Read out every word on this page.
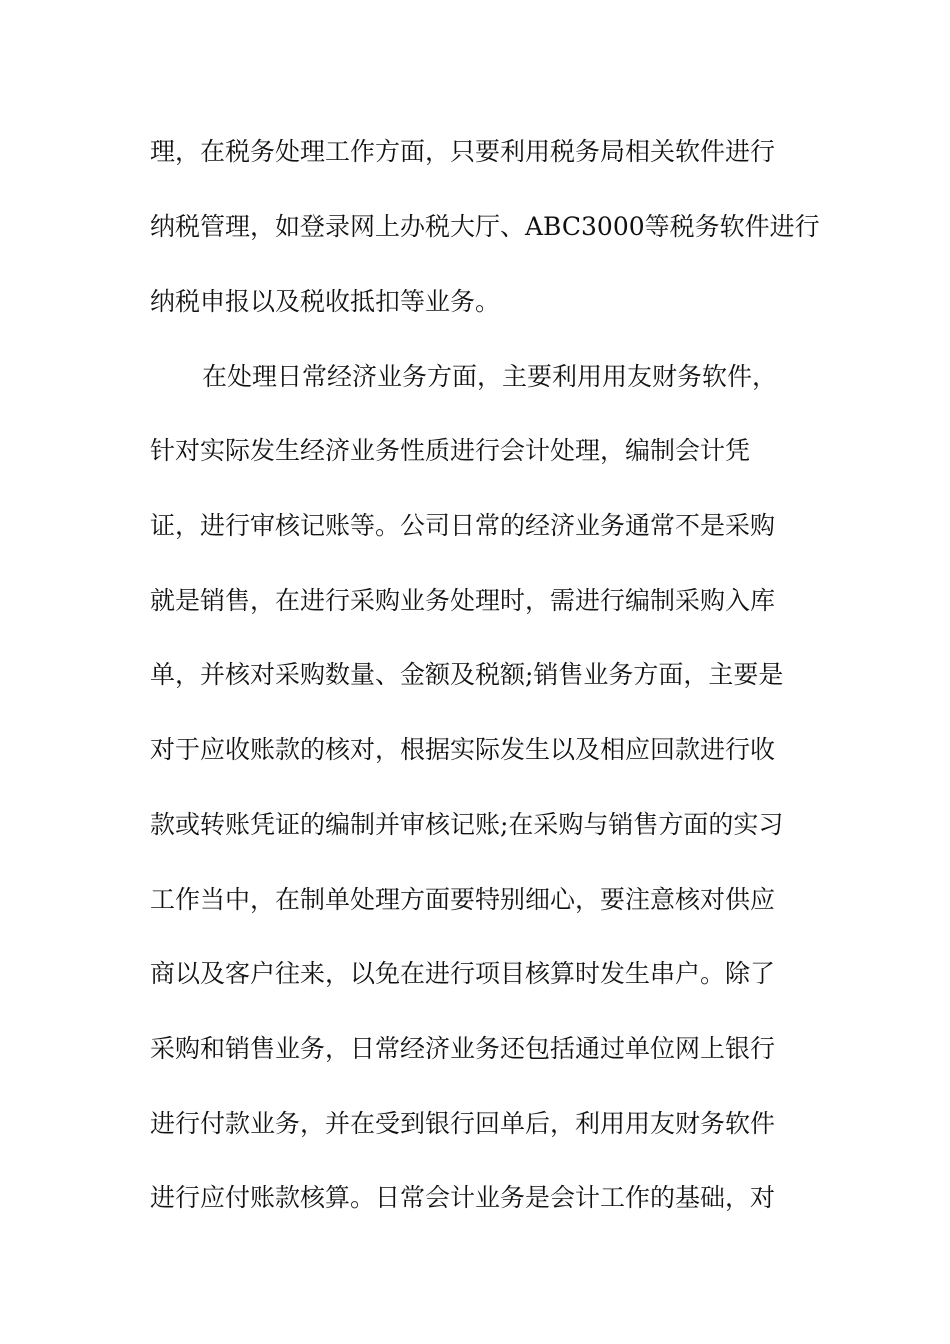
理，在税务处理工作方面，只要利用税务局相关软件进行
纳税管理，如登录网上办税大厅、ABC3000等税务软件进行
纳税申报以及税收抵扣等业务。
在处理日常经济业务方面，主要利用用友财务软件，
针对实际发生经济业务性质进行会计处理，编制会计凭
证，进行审核记账等。公司日常的经济业务通常不是采购
就是销售，在进行采购业务处理时，需进行编制采购入库
单，并核对采购数量、金额及税额;销售业务方面，主要是
对于应收账款的核对，根据实际发生以及相应回款进行收
款或转账凭证的编制并审核记账;在采购与销售方面的实习
工作当中，在制单处理方面要特别细心，要注意核对供应
商以及客户往来，以免在进行项目核算时发生串户。除了
采购和销售业务，日常经济业务还包括通过单位网上银行
进行付款业务，并在受到银行回单后，利用用友财务软件
进行应付账款核算。日常会计业务是会计工作的基础，对
